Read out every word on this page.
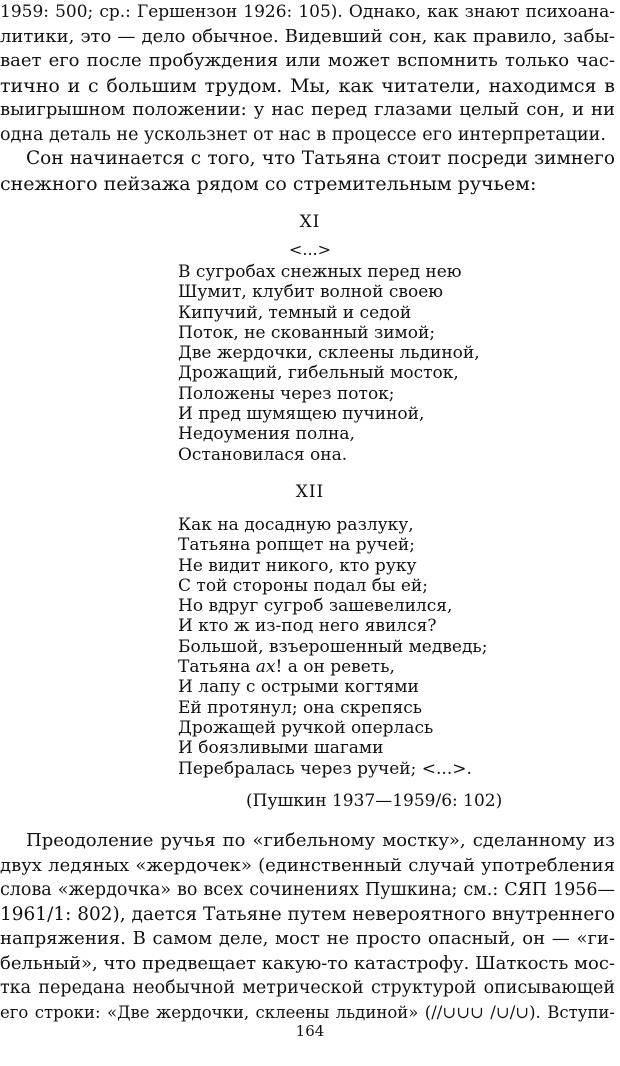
1959: 500; ср.: Гершензон 1926: 105). Однако, как знают психоана-
литики, это — дело обычное. Видевший сон, как правило, забы-
вает его после пробуждения или может вспомнить только час-
тично и с большим трудом. Мы, как читатели, находимся в
выигрышном положении: у нас перед глазами целый сон, и ни
одна деталь не ускользнет от нас в процессе его интерпретации.
Сон начинается с того, что Татьяна стоит посреди зимнего
снежного пейзажа рядом со стремительным ручьем:
XI
<...>
В сугробах снежных перед нею
Шумит, клубит волной своею
Кипучий, темный и седой
Поток, не скованный зимой;
Две жердочки, склеены льдиной,
Дрожащий, гибельный мосток,
Положены через поток;
И пред шумящею пучиной,
Недоумения полна,
Остановилася она.
XII
Как на досадную разлуку,
Татьяна ропщет на ручей;
Не видит никого, кто руку
С той стороны подал бы ей;
Но вдруг сугроб зашевелился,
И кто ж из-под него явился?
Большой, взъерошенный медведь;
Татьяна ах! а он реветь,
И лапу с острыми когтями
Ей протянул; она скрепясь
Дрожащей ручкой оперлась
И боязливыми шагами
Перебралась через ручей; <...>.
(Пушкин 1937—1959/6: 102)
Преодоление ручья по «гибельному мостку», сделанному из
двух ледяных «жердочек» (единственный случай употребления
слова «жердочка» во всех сочинениях Пушкина; см.: СЯП 1956—
1961/1: 802), дается Татьяне путем невероятного внутреннего
напряжения. В самом деле, мост не просто опасный, он — «ги-
бельный», что предвещает какую-то катастрофу. Шаткость мос-
тка передана необычной метрической структурой описывающей
его строки: «Две жердочки, склеены льдиной» (//∪∪∪ /∪/∪). Вступи-
164
